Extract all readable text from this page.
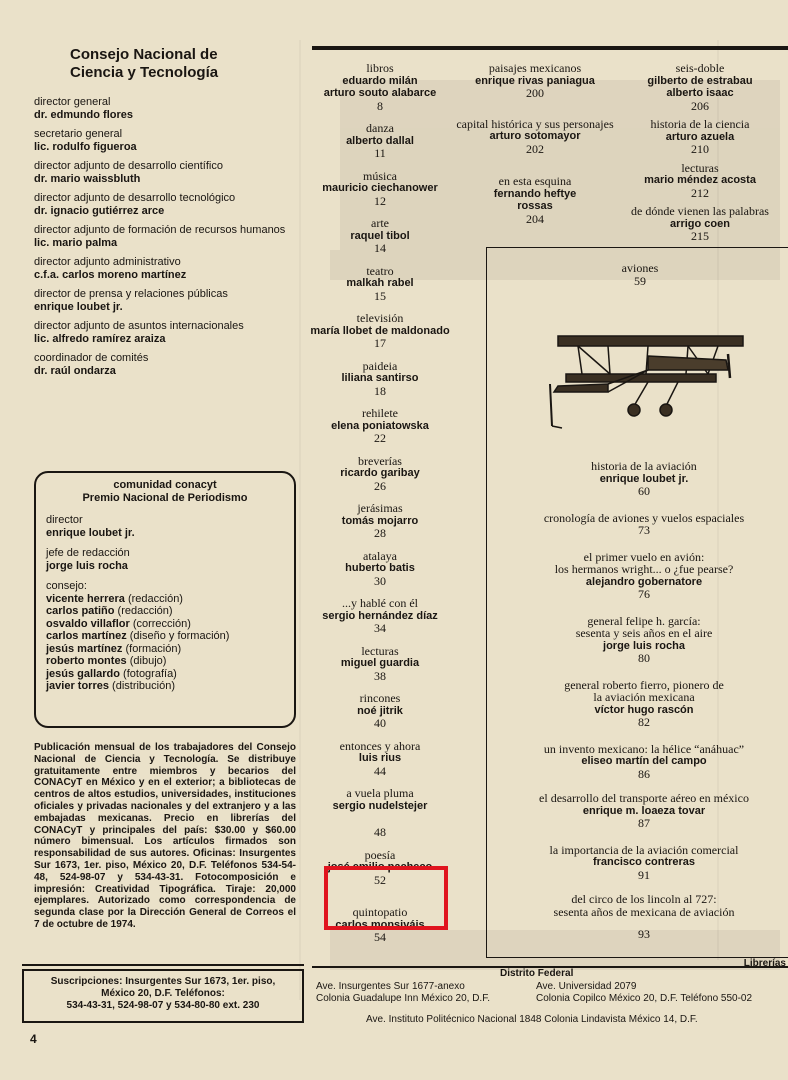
Consejo Nacional de
Ciencia y Tecnología
director general
dr. edmundo flores
secretario general
lic. rodulfo figueroa
director adjunto de desarrollo científico
dr. mario waissbluth
director adjunto de desarrollo tecnológico
dr. ignacio gutiérrez arce
director adjunto de formación de recursos humanos
lic. mario palma
director adjunto administrativo
c.f.a. carlos moreno martínez
director de prensa y relaciones públicas
enrique loubet jr.
director adjunto de asuntos internacionales
lic. alfredo ramírez araiza
coordinador de comités
dr. raúl ondarza
comunidad conacyt
Premio Nacional de Periodismo
director
enrique loubet jr.
jefe de redacción
jorge luis rocha
consejo:
vicente herrera (redacción)
carlos patiño (redacción)
osvaldo villaflor (corrección)
carlos martínez (diseño y formación)
jesús martínez (formación)
roberto montes (dibujo)
jesús gallardo (fotografía)
javier torres (distribución)
Publicación mensual de los trabajadores del Consejo Nacional de Ciencia y Tecnología. Se distribuye gratuitamente entre miembros y becarios del CONACyT en México y en el exterior; a bibliotecas de centros de altos estudios, universidades, instituciones oficiales y privadas nacionales y del extranjero y a las embajadas mexicanas. Precio en librerías del CONACyT y principales del país: $30.00 y $60.00 número bimensual. Los artículos firmados son responsabilidad de sus autores. Oficinas: Insurgentes Sur 1673, 1er. piso, México 20, D.F. Teléfonos 534-54-48, 524-98-07 y 534-43-31. Fotocomposición e impresión: Creatividad Tipográfica. Tiraje: 20,000 ejemplares. Autorizado como correspondencia de segunda clase por la Dirección General de Correos el 7 de octubre de 1974.
Suscripciones: Insurgentes Sur 1673, 1er. piso,
México 20, D.F. Teléfonos:
534-43-31, 524-98-07 y 534-80-80 ext. 230
4
libros
eduardo milán
arturo souto alabarce
8
danza
alberto dallal
11
música
mauricio ciechanower
12
arte
raquel tibol
14
teatro
malkah rabel
15
televisión
maría llobet de maldonado
17
paideia
liliana santirso
18
rehilete
elena poniatowska
22
breverías
ricardo garibay
26
jerásimas
tomás mojarro
28
atalaya
huberto batis
30
...y hablé con él
sergio hernández díaz
34
lecturas
miguel guardia
38
rincones
noé jitrik
40
entonces y ahora
luis rius
44
a vuela pluma
sergio nudelstejer
48
poesía
josé emilio pacheco
52
quintopatio
carlos monsiváis
54
paisajes mexicanos
enrique rivas paniagua
200
capital histórica y sus personajes
arturo sotomayor
202
en esta esquina
fernando heftye
rossas
204
seis-doble
gilberto de estrabau
alberto isaac
206
historia de la ciencia
arturo azuela
210
lecturas
mario méndez acosta
212
de dónde vienen las palabras
arrigo coen
215
aviones
59
historia de la aviación
enrique loubet jr.
60
cronología de aviones y vuelos espaciales
73
el primer vuelo en avión:
los hermanos wright... o ¿fue pearse?
alejandro gobernatore
76
general felipe h. garcía:
sesenta y seis años en el aire
jorge luis rocha
80
general roberto fierro, pionero de
la aviación mexicana
víctor hugo rascón
82
un invento mexicano: la hélice “anáhuac”
eliseo martín del campo
86
el desarrollo del transporte aéreo en méxico
enrique m. loaeza tovar
87
la importancia de la aviación comercial
francisco contreras
91
del circo de los lincoln al 727:
sesenta años de mexicana de aviación
93
Librerías
Distrito Federal
Ave. Insurgentes Sur 1677-anexo
Colonia Guadalupe Inn México 20, D.F.
Ave. Universidad 2079
Colonia Copilco México 20, D.F. Teléfono 550-02
Ave. Instituto Politécnico Nacional 1848 Colonia Lindavista México 14, D.F.
